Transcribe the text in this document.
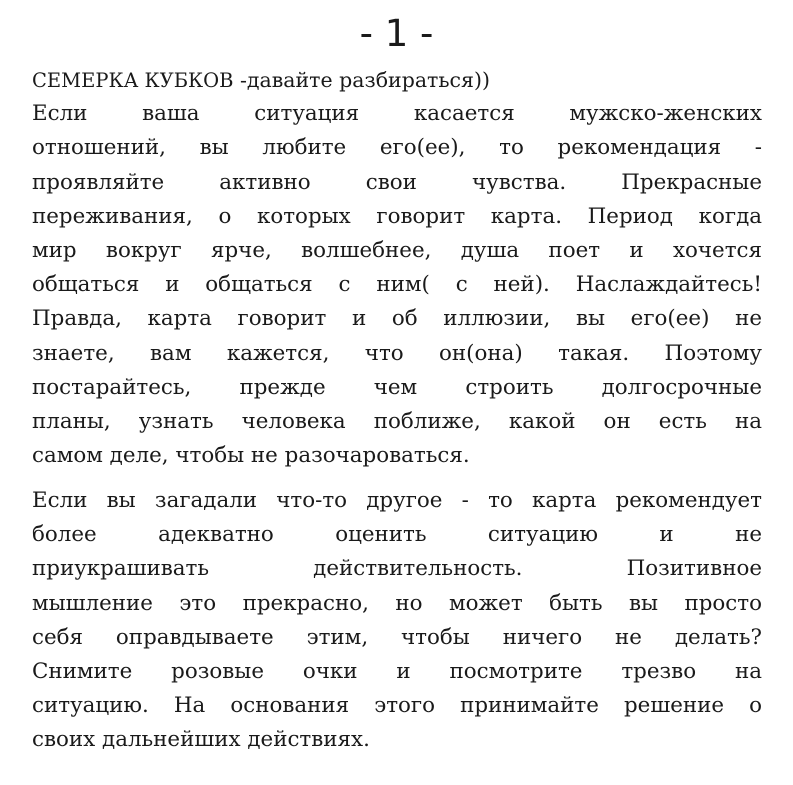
- 1 -
СЕМЕРКА КУБКОВ -давайте разбираться))
Если ваша ситуация касается мужско-женских
отношений, вы любите его(ее), то рекомендация -
проявляйте активно свои чувства. Прекрасные
переживания, о которых говорит карта. Период когда
мир вокруг ярче, волшебнее, душа поет и хочется
общаться и общаться с ним( с ней). Наслаждайтесь!
Правда, карта говорит и об иллюзии, вы его(ее) не
знаете, вам кажется, что он(она) такая. Поэтому
постарайтесь, прежде чем строить долгосрочные
планы, узнать человека поближе, какой он есть на
самом деле, чтобы не разочароваться.
Если вы загадали что-то другое - то карта рекомендует
более адекватно оценить ситуацию и не
приукрашивать действительность. Позитивное
мышление это прекрасно, но может быть вы просто
себя оправдываете этим, чтобы ничего не делать?
Снимите розовые очки и посмотрите трезво на
ситуацию. На основания этого принимайте решение о
своих дальнейших действиях.
